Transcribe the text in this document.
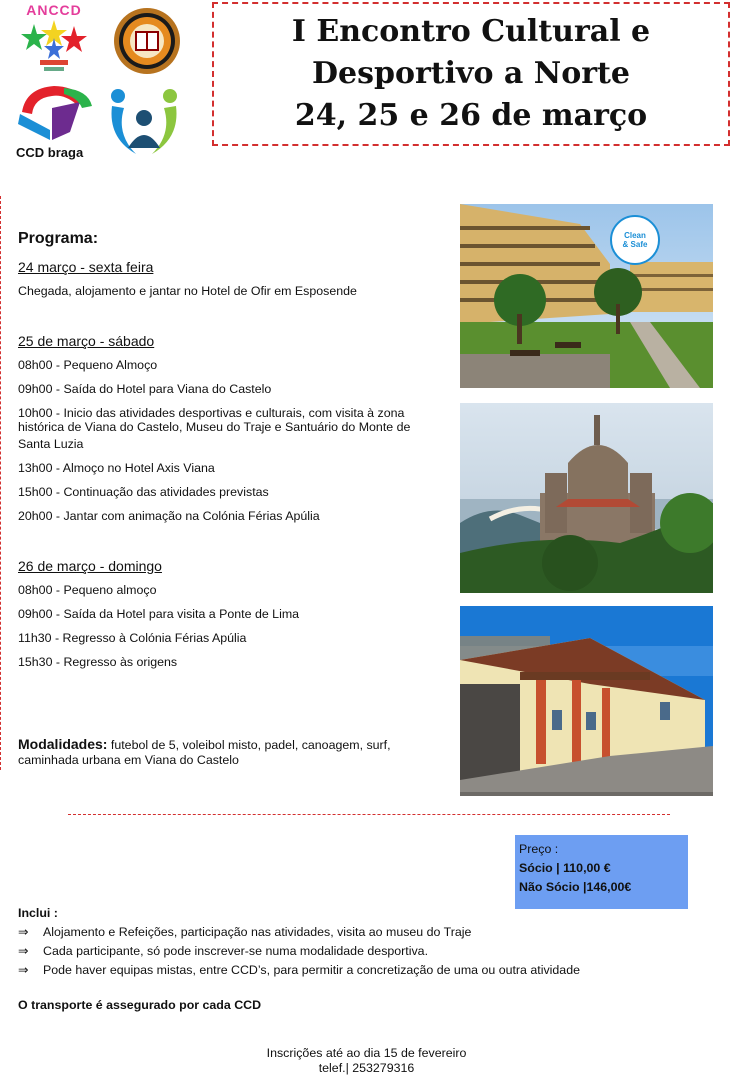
ANCCD
CCD braga
I Encontro Cultural e
Desportivo a Norte
24, 25 e 26 de março
Programa:
24 março - sexta feira
Chegada, alojamento e jantar no Hotel de Ofir em Esposende
25 de março - sábado
08h00 - Pequeno Almoço
09h00 - Saída do Hotel para Viana do Castelo
10h00 - Inicio das atividades desportivas e culturais, com visita à zona
histórica de Viana do Castelo, Museu do Traje e Santuário do Monte de
Santa Luzia
13h00 - Almoço no Hotel Axis Viana
15h00 - Continuação das atividades previstas
20h00 - Jantar com animação na Colónia Férias Apúlia
26 de março - domingo
08h00 - Pequeno almoço
09h00 - Saída da Hotel para visita a Ponte de Lima
11h30 - Regresso à Colónia Férias Apúlia
15h30 - Regresso às origens
Modalidades: futebol de 5, voleibol misto, padel, canoagem, surf,
caminhada urbana em Viana do Castelo
Clean
& Safe
Preço :
Sócio | 110,00 €
Não Sócio |146,00€
Inclui :
⇒ Alojamento e Refeições, participação nas atividades, visita ao museu do Traje
⇒ Cada participante, só pode inscrever-se numa modalidade desportiva.
⇒ Pode haver equipas mistas, entre CCD’s, para permitir a concretização de uma ou outra atividade
O transporte é assegurado por cada CCD
Inscrições até ao dia 15 de fevereiro
telef.| 253279316
